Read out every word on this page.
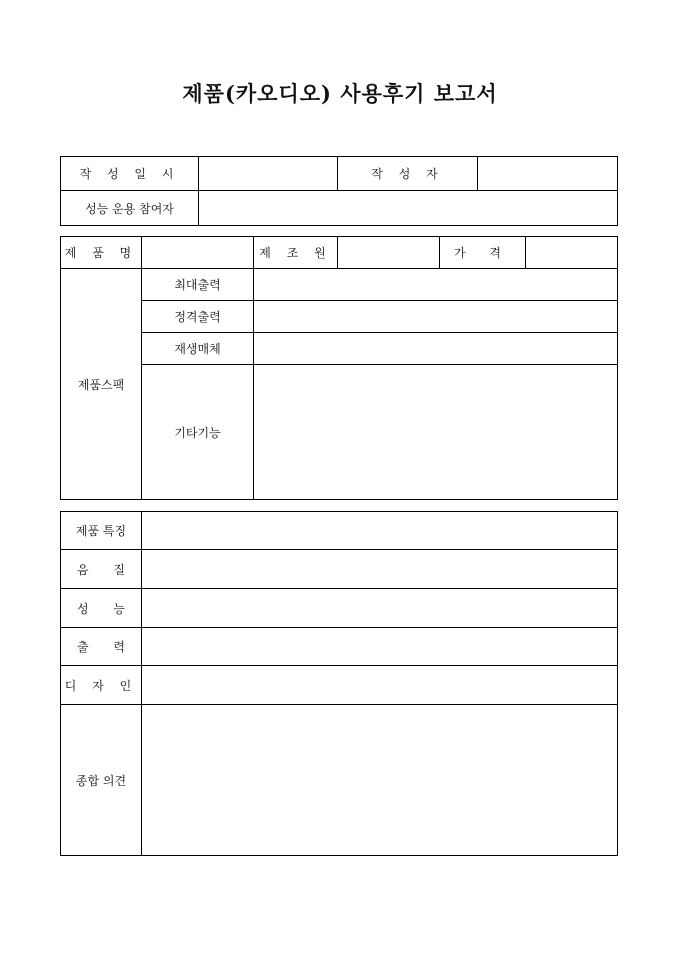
제품(카오디오) 사용후기 보고서
작 성 일 시		작 성 자	
성능 운용 참여자			
제 품 명		제 조 원		가 격	
제품스팩	최대출력				
	정격출력				
	재생매체				
	기타기능				
제품 특징	
음 질	
성 능	
출 력	
디 자 인	
종합 의견	
